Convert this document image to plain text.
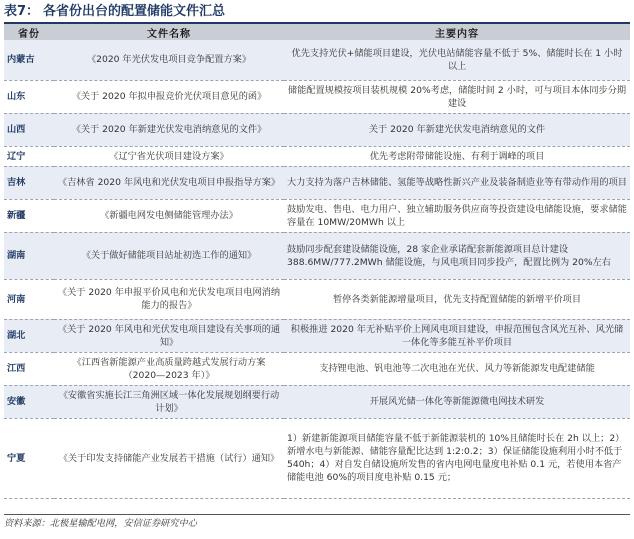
表7： 各省份出台的配置储能文件汇总
省份	文件名称	主要内容
内蒙古	《2020 年光伏发电项目竞争配置方案》	优先支持光伏+储能项目建设，光伏电站储能容量不低于 5%、储能时长在 1 小时以上
山东	《关于 2020 年拟申报竞价光伏项目意见的函》	储能配置规模按项目装机规模 20%考虑，储能时间 2 小时，可与项目本体同步分期建设
山西	《关于 2020 年新建光伏发电消纳意见的文件》	关于 2020 年新建光伏发电消纳意见的文件
辽宁	《辽宁省光伏项目建设方案》	优先考虑附带储能设施、有利于调峰的项目
吉林	《吉林省 2020 年风电和光伏发电项目申报指导方案》	大力支持为落户吉林储能、氢能等战略性新兴产业及装备制造业等有带动作用的项目
新疆	《新疆电网发电侧储能管理办法》	鼓励发电、售电、电力用户、独立辅助服务供应商等投资建设电储能设施，要求储能容量在 10MW/20MWh 以上
湖南	《关于做好储能项目站址初选工作的通知》	鼓励同步配套建设储能设施，28 家企业承诺配套新能源项目总计建设 388.6MW/777.2MWh 储能设施，与风电项目同步投产，配置比例为 20%左右
河南	《关于 2020 年申报平价风电和光伏发电项目电网消纳能力的报告》	暂停各类新能源增量项目，优先支持配置储能的新增平价项目
湖北	《关于 2020 年风电和光伏发电项目建设有关事项的通知》	积极推进 2020 年无补贴平价上网风电项目建设，申报范围包含风光互补、风光储一体化等多能互补平价项目
江西	《江西省新能源产业高质量跨越式发展行动方案（2020—2023 年）》	支持锂电池、钒电池等二次电池在光伏、风力等新能源发电配建储能
安徽	《安徽省实施长江三角洲区域一体化发展规划纲要行动计划》	开展风光储一体化等新能源微电网技术研发
宁夏	《关于印发支持储能产业发展若干措施（试行）通知》	1）新建新能源项目储能容量不低于新能源装机的 10%且储能时长在 2h 以上；2）新增水电与新能源、储能容量配比达到 1:2:0.2；3）保证储能设施利用小时不低于 540h；4）对自发自储设施所发售的省内电网电量度电补贴 0.1 元，若使用本省产储能电池 60%的项目度电补贴 0.15 元；
资料来源：北极星输配电网，安信证券研究中心
